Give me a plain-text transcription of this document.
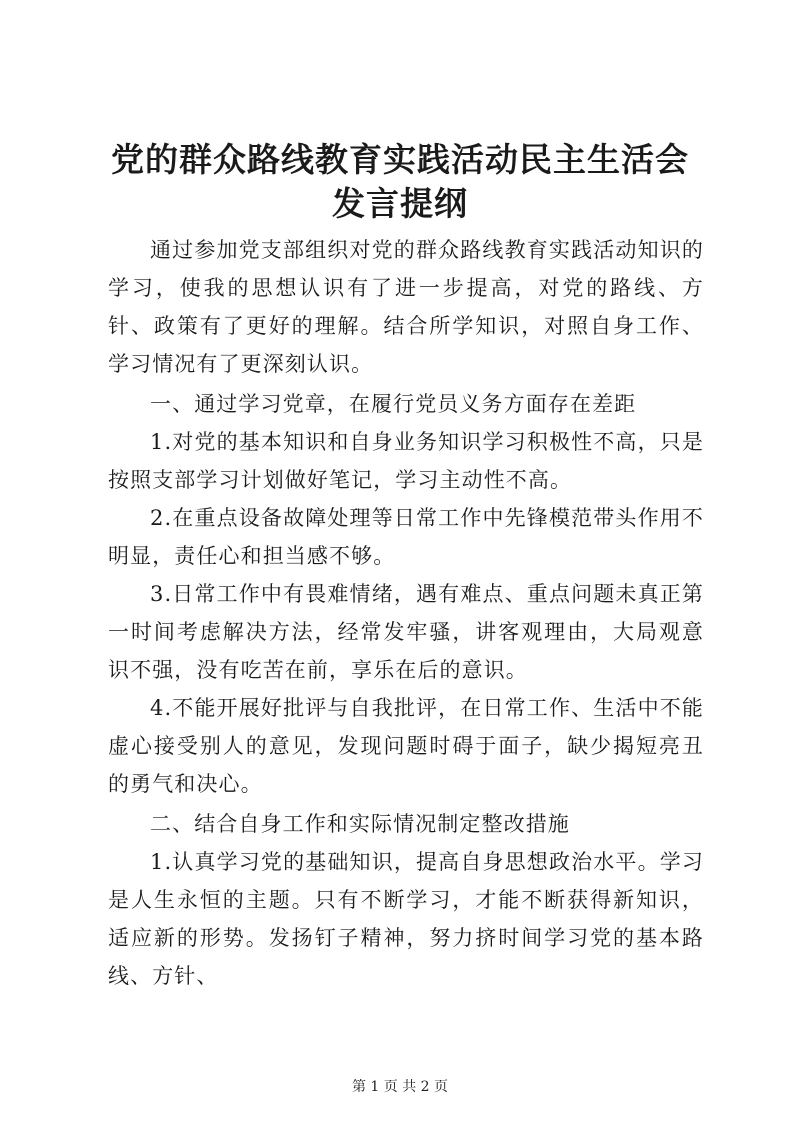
党的群众路线教育实践活动民主生活会发言提纲

通过参加党支部组织对党的群众路线教育实践活动知识的学习，使我的思想认识有了进一步提高，对党的路线、方针、政策有了更好的理解。结合所学知识，对照自身工作、学习情况有了更深刻认识。

一、通过学习党章，在履行党员义务方面存在差距

1.对党的基本知识和自身业务知识学习积极性不高，只是按照支部学习计划做好笔记，学习主动性不高。

2.在重点设备故障处理等日常工作中先锋模范带头作用不明显，责任心和担当感不够。

3.日常工作中有畏难情绪，遇有难点、重点问题未真正第一时间考虑解决方法，经常发牢骚，讲客观理由，大局观意识不强，没有吃苦在前，享乐在后的意识。

4.不能开展好批评与自我批评，在日常工作、生活中不能虚心接受别人的意见，发现问题时碍于面子，缺少揭短亮丑的勇气和决心。

二、结合自身工作和实际情况制定整改措施

1.认真学习党的基础知识，提高自身思想政治水平。学习是人生永恒的主题。只有不断学习，才能不断获得新知识，适应新的形势。发扬钉子精神，努力挤时间学习党的基本路线、方针、

第 1 页 共 2 页
